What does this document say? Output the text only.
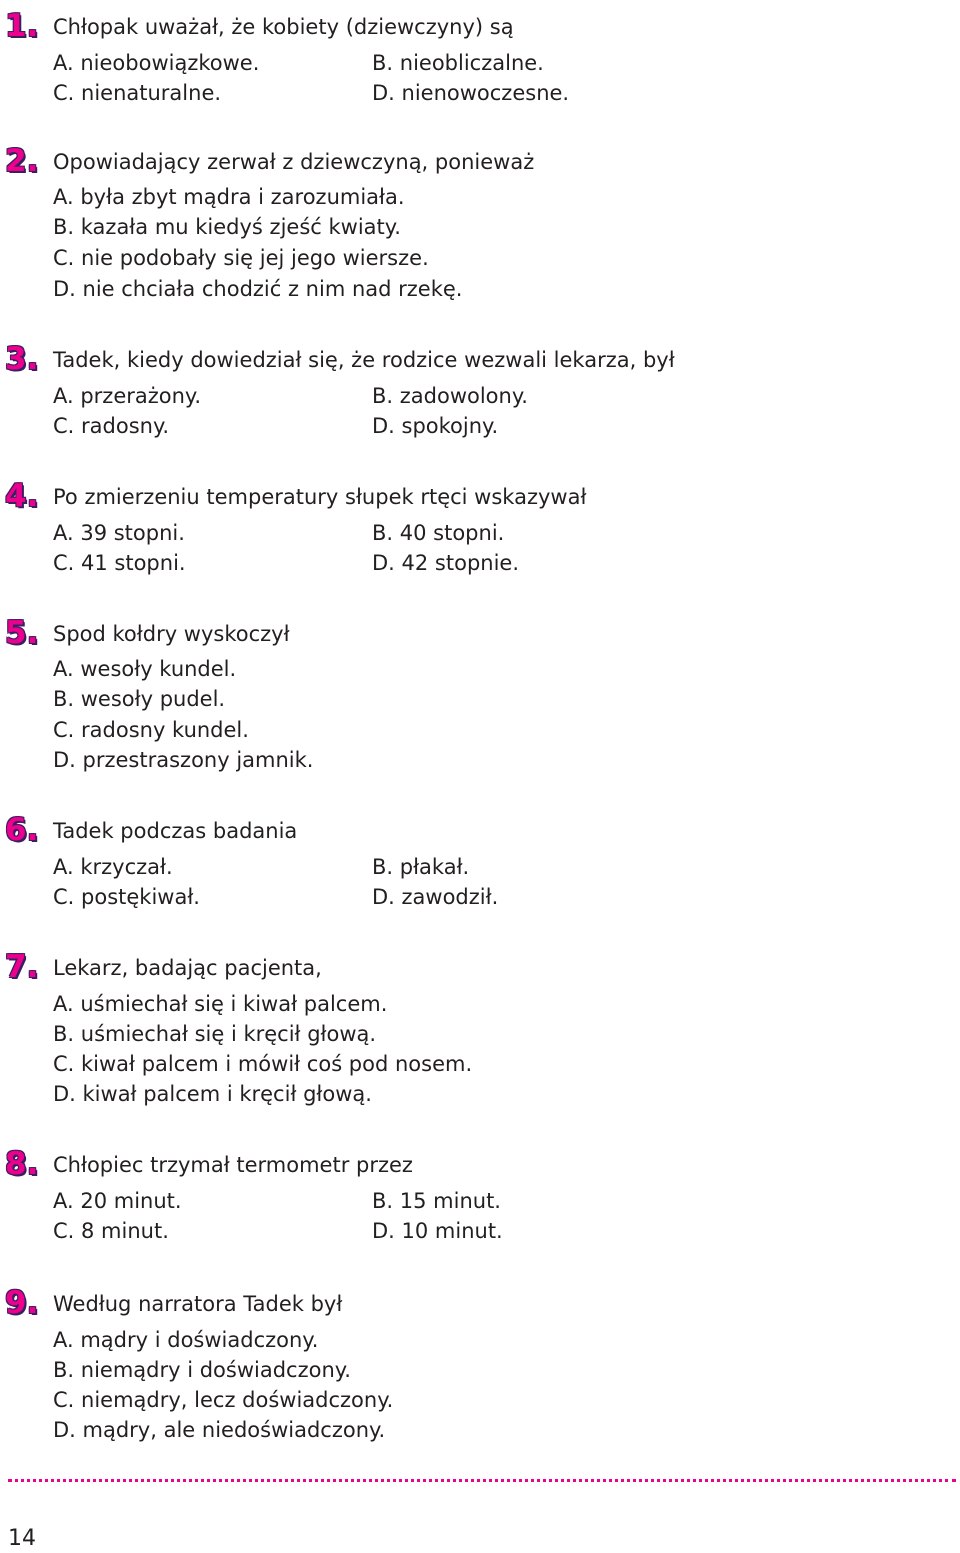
1. Chłopak uważał, że kobiety (dziewczyny) są
A. nieobowiązkowe.	B. nieobliczalne.
C. nienaturalne.	D. nienowoczesne.
2. Opowiadający zerwał z dziewczyną, ponieważ
A. była zbyt mądra i zarozumiała.
B. kazała mu kiedyś zjeść kwiaty.
C. nie podobały się jej jego wiersze.
D. nie chciała chodzić z nim nad rzekę.
3. Tadek, kiedy dowiedział się, że rodzice wezwali lekarza, był
A. przerażony.	B. zadowolony.
C. radosny.	D. spokojny.
4. Po zmierzeniu temperatury słupek rtęci wskazywał
A. 39 stopni.	B. 40 stopni.
C. 41 stopni.	D. 42 stopnie.
5. Spod kołdry wyskoczył
A. wesoły kundel.
B. wesoły pudel.
C. radosny kundel.
D. przestraszony jamnik.
6. Tadek podczas badania
A. krzyczał.	B. płakał.
C. postękiwał.	D. zawodził.
7. Lekarz, badając pacjenta,
A. uśmiechał się i kiwał palcem.
B. uśmiechał się i kręcił głową.
C. kiwał palcem i mówił coś pod nosem.
D. kiwał palcem i kręcił głową.
8. Chłopiec trzymał termometr przez
A. 20 minut.	B. 15 minut.
C. 8 minut.	D. 10 minut.
9. Według narratora Tadek był
A. mądry i doświadczony.
B. niemądry i doświadczony.
C. niemądry, lecz doświadczony.
D. mądry, ale niedoświadczony.
14
